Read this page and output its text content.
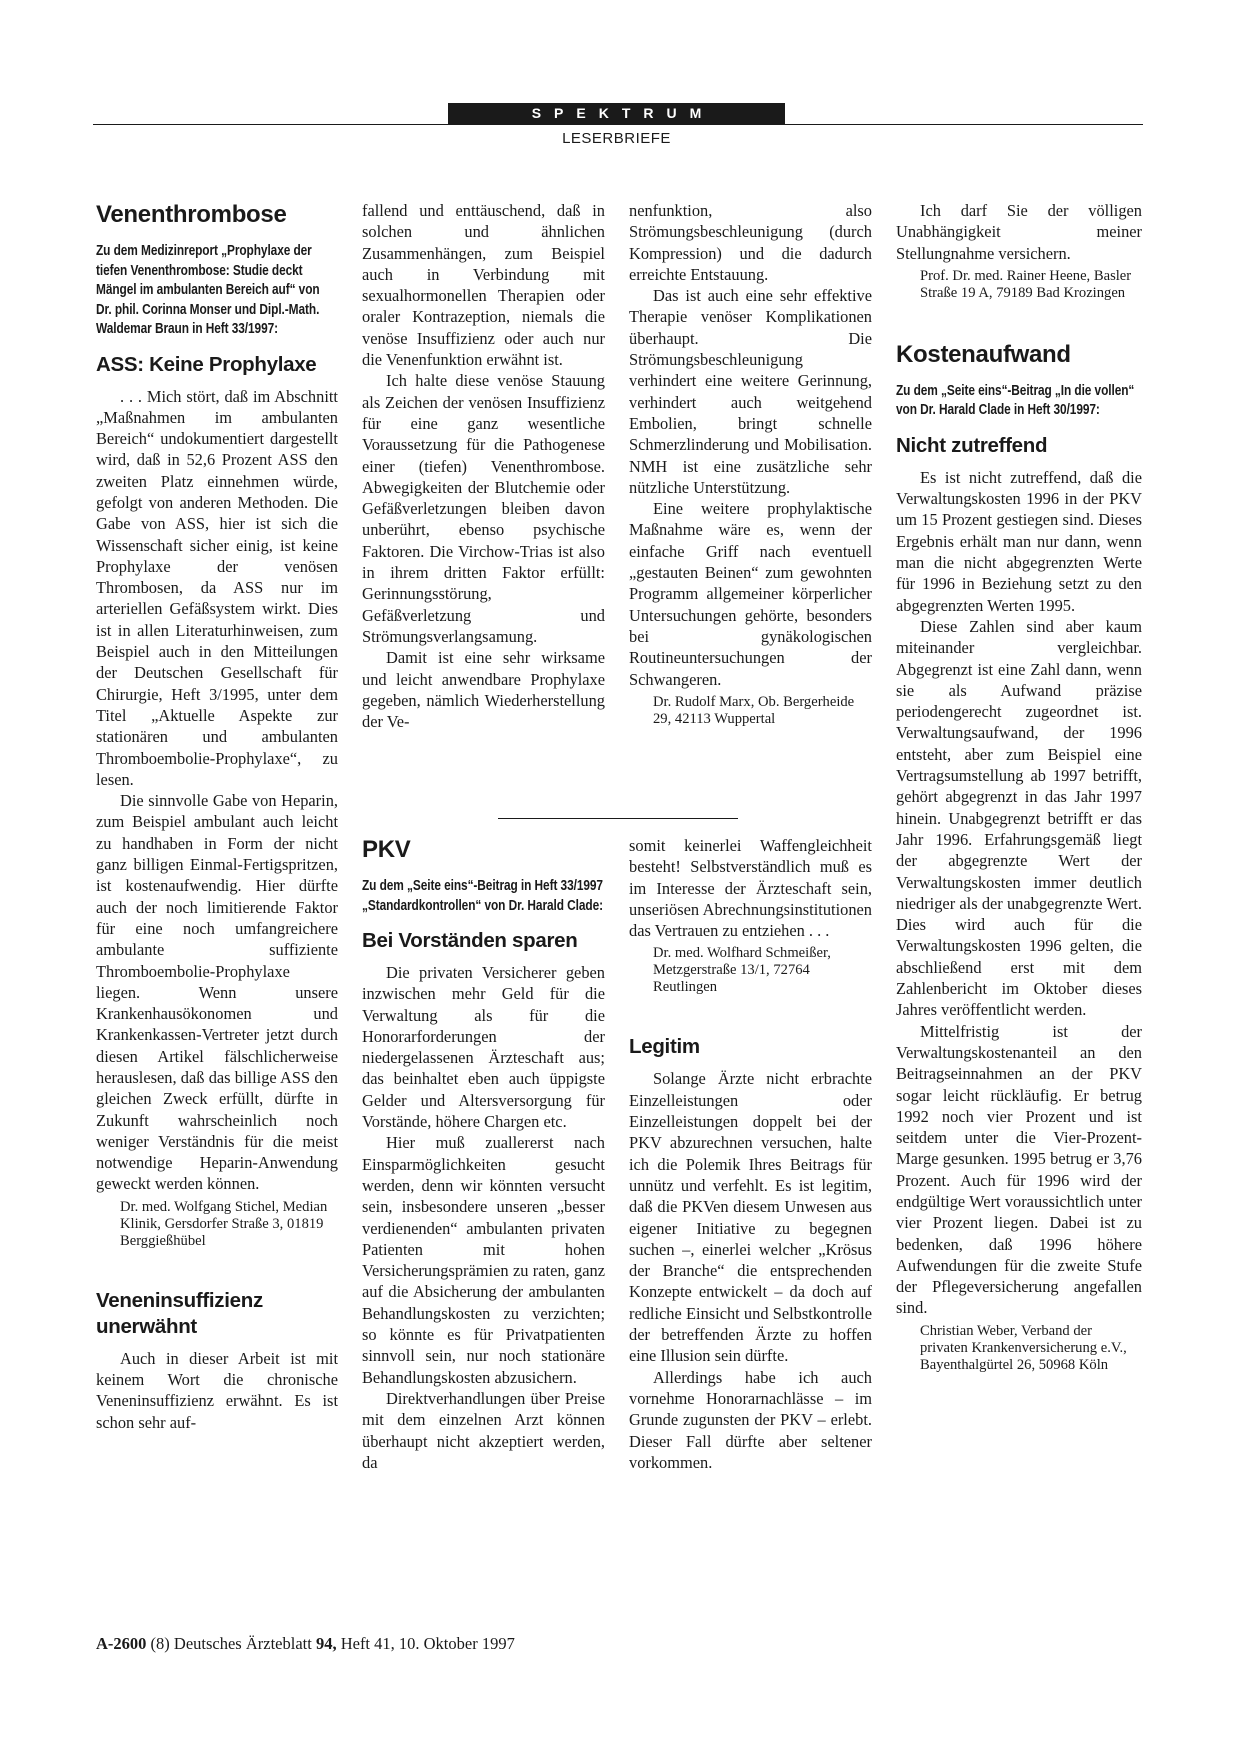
SPEKTRUM
LESERBRIEFE
Venenthrombose

Zu dem Medizinreport „Prophylaxe der tiefen Venenthrombose: Studie deckt Mängel im ambulanten Bereich auf“ von Dr. phil. Corinna Monser und Dipl.-Math. Waldemar Braun in Heft 33/1997:

ASS: Keine Prophylaxe

. . . Mich stört, daß im Abschnitt „Maßnahmen im ambulanten Bereich“ undokumentiert dargestellt wird, daß in 52,6 Prozent ASS den zweiten Platz einnehmen würde, gefolgt von anderen Methoden. Die Gabe von ASS, hier ist sich die Wissenschaft sicher einig, ist keine Prophylaxe der venösen Thrombosen, da ASS nur im arteriellen Gefäßsystem wirkt. Dies ist in allen Literaturhinweisen, zum Beispiel auch in den Mitteilungen der Deutschen Gesellschaft für Chirurgie, Heft 3/1995, unter dem Titel „Aktuelle Aspekte zur stationären und ambulanten Thromboembolie-Prophylaxe“, zu lesen.

Die sinnvolle Gabe von Heparin, zum Beispiel ambulant auch leicht zu handhaben in Form der nicht ganz billigen Einmal-Fertigspritzen, ist kostenaufwendig. Hier dürfte auch der noch limitierende Faktor für eine noch umfangreichere ambulante suffiziente Thromboembolie-Prophylaxe liegen. Wenn unsere Krankenhausökonomen und Krankenkassen-Vertreter jetzt durch diesen Artikel fälschlicherweise herauslesen, daß das billige ASS den gleichen Zweck erfüllt, dürfte in Zukunft wahrscheinlich noch weniger Verständnis für die meist notwendige Heparin-Anwendung geweckt werden können.

Dr. med. Wolfgang Stichel, Median Klinik, Gersdorfer Straße 3, 01819 Berggießhübel

Veneninsuffizienz unerwähnt

Auch in dieser Arbeit ist mit keinem Wort die chronische Veneninsuffizienz erwähnt. Es ist schon sehr auf-

fallend und enttäuschend, daß in solchen und ähnlichen Zusammenhängen, zum Beispiel auch in Verbindung mit sexualhormonellen Therapien oder oraler Kontrazeption, niemals die venöse Insuffizienz oder auch nur die Venenfunktion erwähnt ist.

Ich halte diese venöse Stauung als Zeichen der venösen Insuffizienz für eine ganz wesentliche Voraussetzung für die Pathogenese einer (tiefen) Venenthrombose. Abwegigkeiten der Blutchemie oder Gefäßverletzungen bleiben davon unberührt, ebenso psychische Faktoren. Die Virchow-Trias ist also in ihrem dritten Faktor erfüllt: Gerinnungsstörung, Gefäßverletzung und Strömungsverlangsamung.

Damit ist eine sehr wirksame und leicht anwendbare Prophylaxe gegeben, nämlich Wiederherstellung der Ve-

nenfunktion, also Strömungsbeschleunigung (durch Kompression) und die dadurch erreichte Entstauung.

Das ist auch eine sehr effektive Therapie venöser Komplikationen überhaupt. Die Strömungsbeschleunigung verhindert eine weitere Gerinnung, verhindert auch weitgehend Embolien, bringt schnelle Schmerzlinderung und Mobilisation. NMH ist eine zusätzliche sehr nützliche Unterstützung.

Eine weitere prophylaktische Maßnahme wäre es, wenn der einfache Griff nach eventuell „gestauten Beinen“ zum gewohnten Programm allgemeiner körperlicher Untersuchungen gehörte, besonders bei gynäkologischen Routineuntersuchungen der Schwangeren.

Dr. Rudolf Marx, Ob. Bergerheide 29, 42113 Wuppertal

PKV

Zu dem „Seite eins“-Beitrag in Heft 33/1997 „Standardkontrollen“ von Dr. Harald Clade:

Bei Vorständen sparen

Die privaten Versicherer geben inzwischen mehr Geld für die Verwaltung als für die Honorarforderungen der niedergelassenen Ärzteschaft aus; das beinhaltet eben auch üppigste Gelder und Altersversorgung für Vorstände, höhere Chargen etc.

Hier muß zuallererst nach Einsparmöglichkeiten gesucht werden, denn wir könnten versucht sein, insbesondere unseren „besser verdienenden“ ambulanten privaten Patienten mit hohen Versicherungsprämien zu raten, ganz auf die Absicherung der ambulanten Behandlungskosten zu verzichten; so könnte es für Privatpatienten sinnvoll sein, nur noch stationäre Behandlungskosten abzusichern.

Direktverhandlungen über Preise mit dem einzelnen Arzt können überhaupt nicht akzeptiert werden, da

somit keinerlei Waffengleichheit besteht! Selbstverständlich muß es im Interesse der Ärzteschaft sein, unseriösen Abrechnungsinstitutionen das Vertrauen zu entziehen . . .

Dr. med. Wolfhard Schmeißer, Metzgerstraße 13/1, 72764 Reutlingen

Legitim

Solange Ärzte nicht erbrachte Einzelleistungen oder Einzelleistungen doppelt bei der PKV abzurechnen versuchen, halte ich die Polemik Ihres Beitrags für unnütz und verfehlt. Es ist legitim, daß die PKVen diesem Unwesen aus eigener Initiative zu begegnen suchen –, einerlei welcher „Krösus der Branche“ die entsprechenden Konzepte entwickelt – da doch auf redliche Einsicht und Selbstkontrolle der betreffenden Ärzte zu hoffen eine Illusion sein dürfte.

Allerdings habe ich auch vornehme Honorarnachlässe – im Grunde zugunsten der PKV – erlebt. Dieser Fall dürfte aber seltener vorkommen.

Ich darf Sie der völligen Unabhängigkeit meiner Stellungnahme versichern.

Prof. Dr. med. Rainer Heene, Basler Straße 19 A, 79189 Bad Krozingen

Kostenaufwand

Zu dem „Seite eins“-Beitrag „In die vollen“ von Dr. Harald Clade in Heft 30/1997:

Nicht zutreffend

Es ist nicht zutreffend, daß die Verwaltungskosten 1996 in der PKV um 15 Prozent gestiegen sind. Dieses Ergebnis erhält man nur dann, wenn man die nicht abgegrenzten Werte für 1996 in Beziehung setzt zu den abgegrenzten Werten 1995.

Diese Zahlen sind aber kaum miteinander vergleichbar. Abgegrenzt ist eine Zahl dann, wenn sie als Aufwand präzise periodengerecht zugeordnet ist. Verwaltungsaufwand, der 1996 entsteht, aber zum Beispiel eine Vertragsumstellung ab 1997 betrifft, gehört abgegrenzt in das Jahr 1997 hinein. Unabgegrenzt betrifft er das Jahr 1996. Erfahrungsgemäß liegt der abgegrenzte Wert der Verwaltungskosten immer deutlich niedriger als der unabgegrenzte Wert. Dies wird auch für die Verwaltungskosten 1996 gelten, die abschließend erst mit dem Zahlenbericht im Oktober dieses Jahres veröffentlicht werden.

Mittelfristig ist der Verwaltungskostenanteil an den Beitragseinnahmen an der PKV sogar leicht rückläufig. Er betrug 1992 noch vier Prozent und ist seitdem unter die Vier-Prozent-Marge gesunken. 1995 betrug er 3,76 Prozent. Auch für 1996 wird der endgültige Wert voraussichtlich unter vier Prozent liegen. Dabei ist zu bedenken, daß 1996 höhere Aufwendungen für die zweite Stufe der Pflegeversicherung angefallen sind.

Christian Weber, Verband der privaten Krankenversicherung e.V., Bayenthalgürtel 26, 50968 Köln

A-2600 (8) Deutsches Ärzteblatt 94, Heft 41, 10. Oktober 1997
